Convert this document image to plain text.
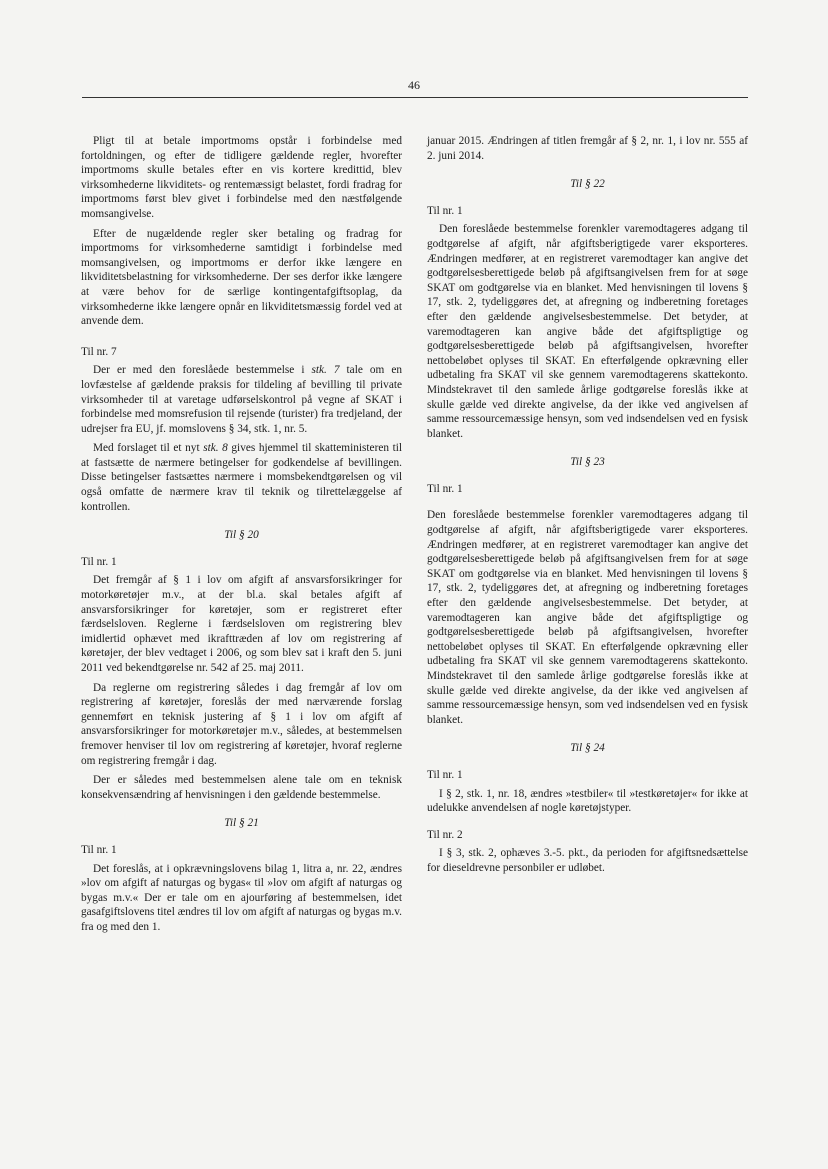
46

Pligt til at betale importmoms opstår i forbindelse med fortoldningen, og efter de tidligere gældende regler, hvorefter importmoms skulle betales efter en vis kortere kredittid, blev virksomhederne likviditets- og rentemæssigt belastet, fordi fradrag for importmoms først blev givet i forbindelse med den næstfølgende momsangivelse.

Efter de nugældende regler sker betaling og fradrag for importmoms for virksomhederne samtidigt i forbindelse med momsangivelsen, og importmoms er derfor ikke længere en likviditetsbelastning for virksomhederne. Der ses derfor ikke længere at være behov for de særlige kontingentafgiftsoplag, da virksomhederne ikke længere opnår en likviditetsmæssig fordel ved at anvende dem.

Til nr. 7

Der er med den foreslåede bestemmelse i stk. 7 tale om en lovfæstelse af gældende praksis for tildeling af bevilling til private virksomheder til at varetage udførselskontrol på vegne af SKAT i forbindelse med momsrefusion til rejsende (turister) fra tredjeland, der udrejser fra EU, jf. momslovens § 34, stk. 1, nr. 5.

Med forslaget til et nyt stk. 8 gives hjemmel til skatteministeren til at fastsætte de nærmere betingelser for godkendelse af bevillingen. Disse betingelser fastsættes nærmere i momsbekendtgørelsen og vil også omfatte de nærmere krav til teknik og tilrettelæggelse af kontrollen.

Til § 20

Til nr. 1

Det fremgår af § 1 i lov om afgift af ansvarsforsikringer for motorkøretøjer m.v., at der bl.a. skal betales afgift af ansvarsforsikringer for køretøjer, som er registreret efter færdselsloven. Reglerne i færdselsloven om registrering blev imidlertid ophævet med ikrafttræden af lov om registrering af køretøjer, der blev vedtaget i 2006, og som blev sat i kraft den 5. juni 2011 ved bekendtgørelse nr. 542 af 25. maj 2011.

Da reglerne om registrering således i dag fremgår af lov om registrering af køretøjer, foreslås der med nærværende forslag gennemført en teknisk justering af § 1 i lov om afgift af ansvarsforsikringer for motorkøretøjer m.v., således, at bestemmelsen fremover henviser til lov om registrering af køretøjer, hvoraf reglerne om registrering fremgår i dag.

Der er således med bestemmelsen alene tale om en teknisk konsekvensændring af henvisningen i den gældende bestemmelse.

Til § 21

Til nr. 1

Det foreslås, at i opkrævningslovens bilag 1, litra a, nr. 22, ændres »lov om afgift af naturgas og bygas« til »lov om afgift af naturgas og bygas m.v.« Der er tale om en ajourføring af bestemmelsen, idet gasafgiftslovens titel ændres til lov om afgift af naturgas og bygas m.v. fra og med den 1.

januar 2015. Ændringen af titlen fremgår af § 2, nr. 1, i lov nr. 555 af 2. juni 2014.

Til § 22

Til nr. 1

Den foreslåede bestemmelse forenkler varemodtageres adgang til godtgørelse af afgift, når afgiftsberigtigede varer eksporteres. Ændringen medfører, at en registreret varemodtager kan angive det godtgørelsesberettigede beløb på afgiftsangivelsen frem for at søge SKAT om godtgørelse via en blanket. Med henvisningen til lovens § 17, stk. 2, tydeliggøres det, at afregning og indberetning foretages efter den gældende angivelsesbestemmelse. Det betyder, at varemodtageren kan angive både det afgiftspligtige og godtgørelsesberettigede beløb på afgiftsangivelsen, hvorefter nettobeløbet oplyses til SKAT. En efterfølgende opkrævning eller udbetaling fra SKAT vil ske gennem varemodtagerens skattekonto. Mindstekravet til den samlede årlige godtgørelse foreslås ikke at skulle gælde ved direkte angivelse, da der ikke ved angivelsen af samme ressourcemæssige hensyn, som ved indsendelsen ved en fysisk blanket.

Til § 23

Til nr. 1

Den foreslåede bestemmelse forenkler varemodtageres adgang til godtgørelse af afgift, når afgiftsberigtigede varer eksporteres. Ændringen medfører, at en registreret varemodtager kan angive det godtgørelsesberettigede beløb på afgiftsangivelsen frem for at søge SKAT om godtgørelse via en blanket. Med henvisningen til lovens § 17, stk. 2, tydeliggøres det, at afregning og indberetning foretages efter den gældende angivelsesbestemmelse. Det betyder, at varemodtageren kan angive både det afgiftspligtige og godtgørelsesberettigede beløb på afgiftsangivelsen, hvorefter nettobeløbet oplyses til SKAT. En efterfølgende opkrævning eller udbetaling fra SKAT vil ske gennem varemodtagerens skattekonto. Mindstekravet til den samlede årlige godtgørelse foreslås ikke at skulle gælde ved direkte angivelse, da der ikke ved angivelsen af samme ressourcemæssige hensyn, som ved indsendelsen ved en fysisk blanket.

Til § 24

Til nr. 1

I § 2, stk. 1, nr. 18, ændres »testbiler« til »testkøretøjer« for ikke at udelukke anvendelsen af nogle køretøjstyper.

Til nr. 2

I § 3, stk. 2, ophæves 3.-5. pkt., da perioden for afgiftsnedsættelse for dieseldrevne personbiler er udløbet.
